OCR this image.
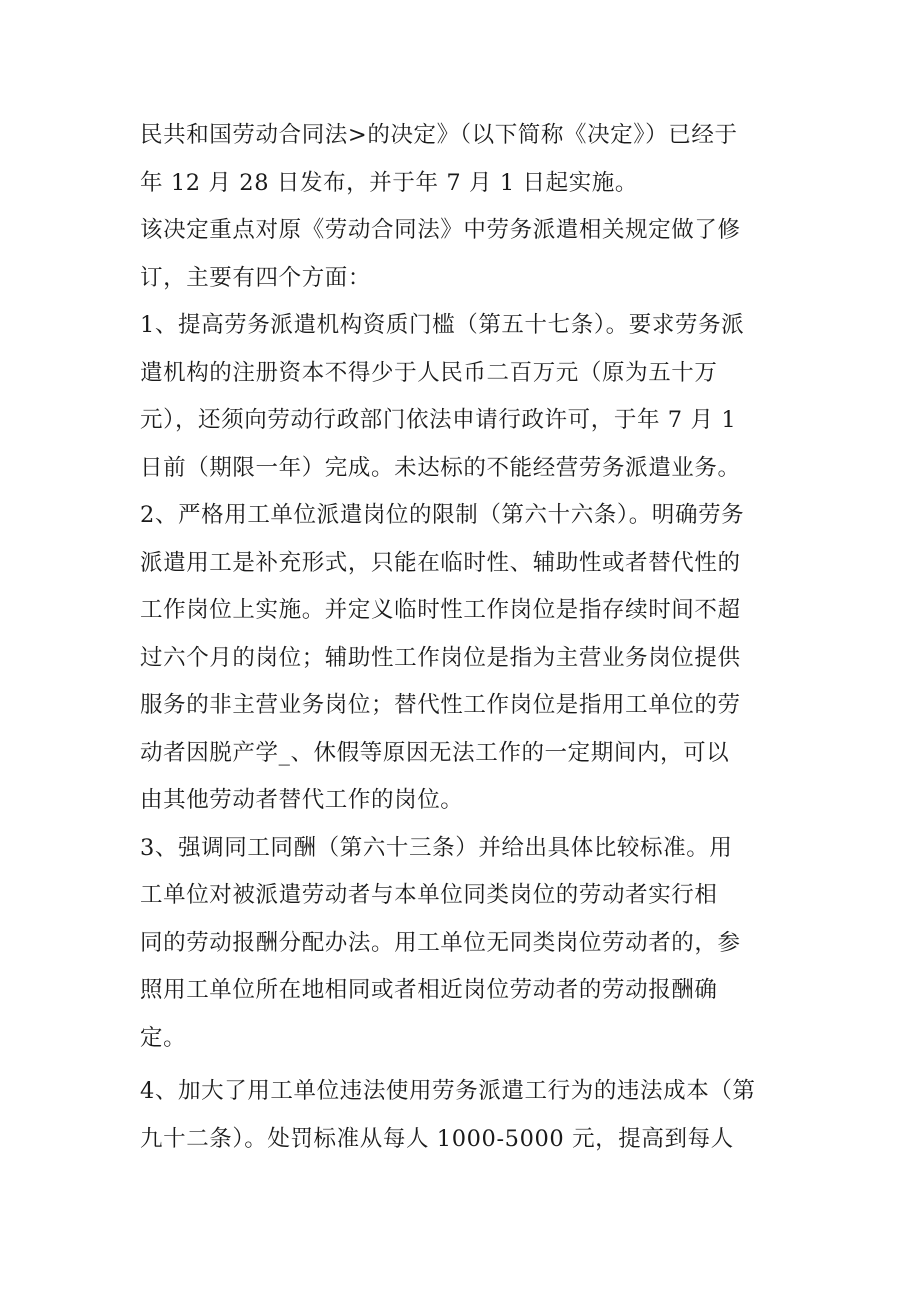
民共和国劳动合同法>的决定》（以下简称《决定》）已经于
年 12 月 28 日发布，并于年 7 月 1 日起实施。
该决定重点对原《劳动合同法》中劳务派遣相关规定做了修
订，主要有四个方面：
1、提高劳务派遣机构资质门槛（第五十七条）。要求劳务派
遣机构的注册资本不得少于人民币二百万元（原为五十万
元），还须向劳动行政部门依法申请行政许可，于年 7 月 1
日前（期限一年）完成。未达标的不能经营劳务派遣业务。
2、严格用工单位派遣岗位的限制（第六十六条）。明确劳务
派遣用工是补充形式，只能在临时性、辅助性或者替代性的
工作岗位上实施。并定义临时性工作岗位是指存续时间不超
过六个月的岗位；辅助性工作岗位是指为主营业务岗位提供
服务的非主营业务岗位；替代性工作岗位是指用工单位的劳
动者因脱产学_、休假等原因无法工作的一定期间内，可以
由其他劳动者替代工作的岗位。
3、强调同工同酬（第六十三条）并给出具体比较标准。用
工单位对被派遣劳动者与本单位同类岗位的劳动者实行相
同的劳动报酬分配办法。用工单位无同类岗位劳动者的，参
照用工单位所在地相同或者相近岗位劳动者的劳动报酬确
定。
4、加大了用工单位违法使用劳务派遣工行为的违法成本（第
九十二条）。处罚标准从每人 1000-5000 元，提高到每人
